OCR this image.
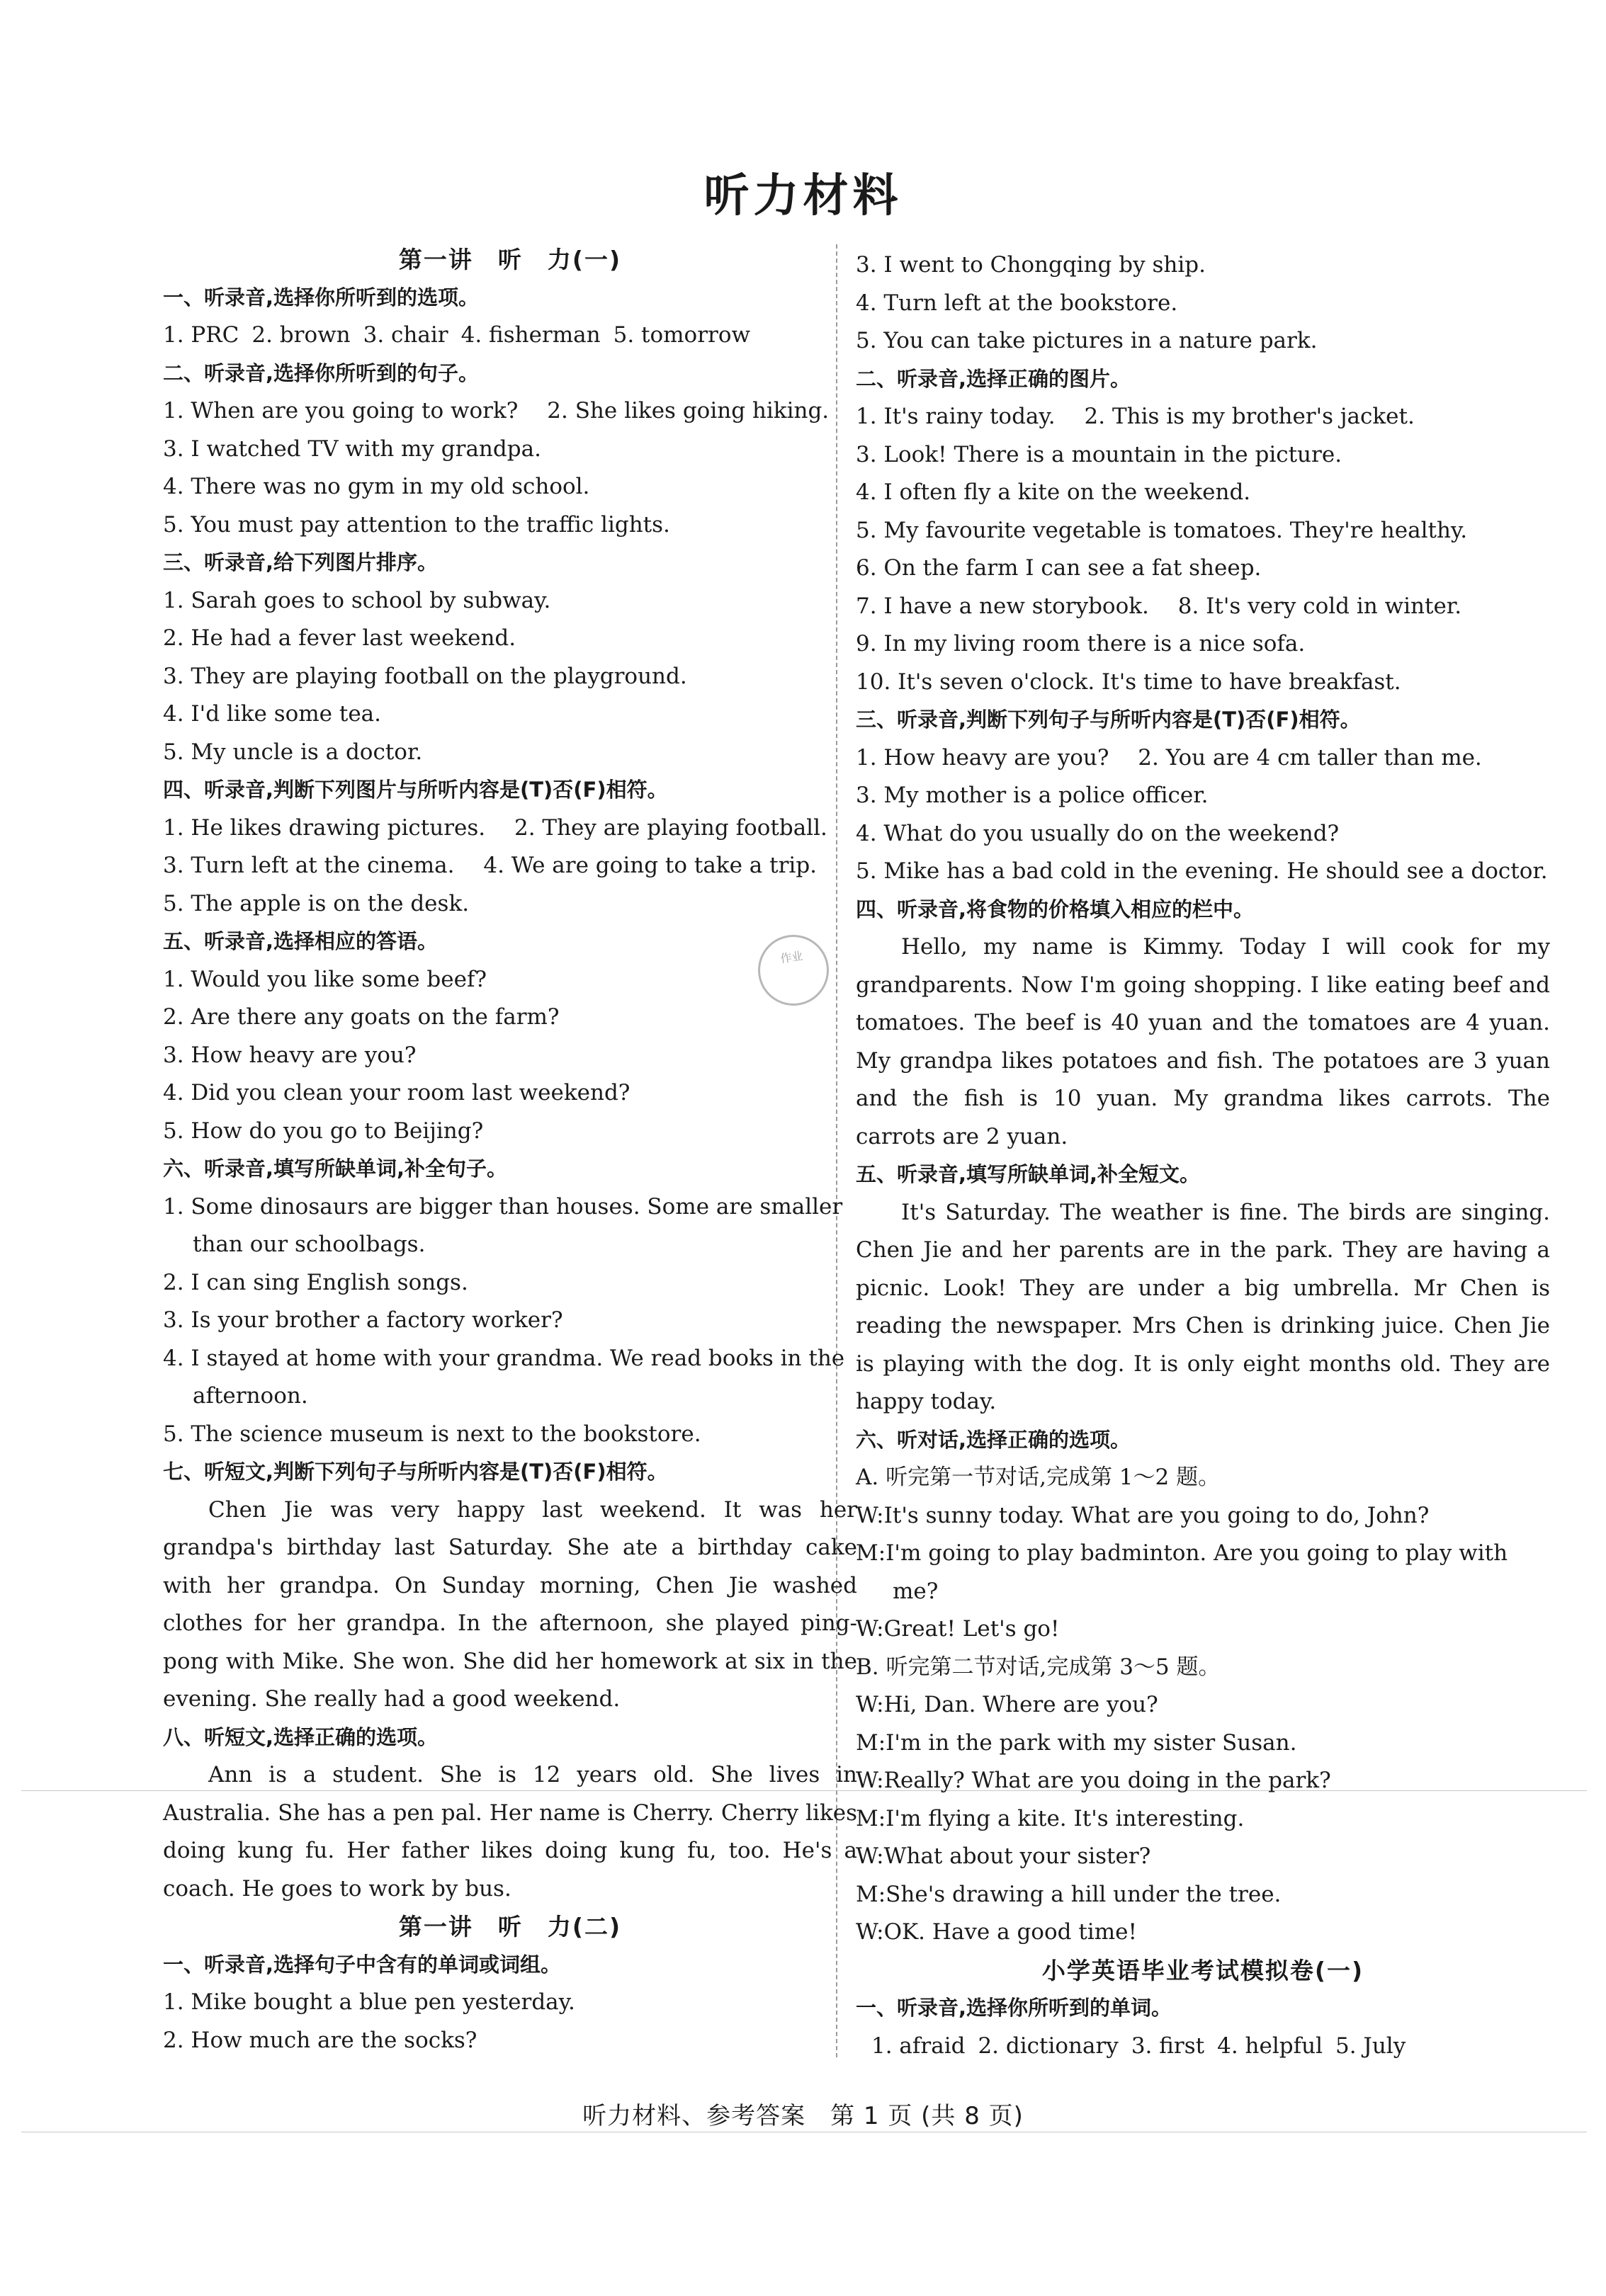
听力材料
作业
第一讲　听　力(一)
一、听录音,选择你所听到的选项。
1. PRC 2. brown 3. chair 4. fisherman 5. tomorrow
二、听录音,选择你所听到的句子。
1. When are you going to work?　 2. She likes going hiking.
3. I watched TV with my grandpa.
4. There was no gym in my old school.
5. You must pay attention to the traffic lights.
三、听录音,给下列图片排序。
1. Sarah goes to school by subway.
2. He had a fever last weekend.
3. They are playing football on the playground.
4. I'd like some tea.
5. My uncle is a doctor.
四、听录音,判断下列图片与所听内容是(T)否(F)相符。
1. He likes drawing pictures.　 2. They are playing football.
3. Turn left at the cinema.　 4. We are going to take a trip.
5. The apple is on the desk.
五、听录音,选择相应的答语。
1. Would you like some beef?
2. Are there any goats on the farm?
3. How heavy are you?
4. Did you clean your room last weekend?
5. How do you go to Beijing?
六、听录音,填写所缺单词,补全句子。
1. Some dinosaurs are bigger than houses. Some are smaller than our schoolbags.
2. I can sing English songs.
3. Is your brother a factory worker?
4. I stayed at home with your grandma. We read books in the afternoon.
5. The science museum is next to the bookstore.
七、听短文,判断下列句子与所听内容是(T)否(F)相符。
Chen Jie was very happy last weekend. It was her grandpa's birthday last Saturday. She ate a birthday cake with her grandpa. On Sunday morning, Chen Jie washed clothes for her grandpa. In the afternoon, she played ping-pong with Mike. She won. She did her homework at six in the evening. She really had a good weekend.
八、听短文,选择正确的选项。
Ann is a student. She is 12 years old. She lives in Australia. She has a pen pal. Her name is Cherry. Cherry likes doing kung fu. Her father likes doing kung fu, too. He's a coach. He goes to work by bus.
第一讲　听　力(二)
一、听录音,选择句子中含有的单词或词组。
1. Mike bought a blue pen yesterday.
2. How much are the socks?
3. I went to Chongqing by ship.
4. Turn left at the bookstore.
5. You can take pictures in a nature park.
二、听录音,选择正确的图片。
1. It's rainy today.　 2. This is my brother's jacket.
3. Look! There is a mountain in the picture.
4. I often fly a kite on the weekend.
5. My favourite vegetable is tomatoes. They're healthy.
6. On the farm I can see a fat sheep.
7. I have a new storybook.　 8. It's very cold in winter.
9. In my living room there is a nice sofa.
10. It's seven o'clock. It's time to have breakfast.
三、听录音,判断下列句子与所听内容是(T)否(F)相符。
1. How heavy are you?　 2. You are 4 cm taller than me.
3. My mother is a police officer.
4. What do you usually do on the weekend?
5. Mike has a bad cold in the evening. He should see a doctor.
四、听录音,将食物的价格填入相应的栏中。
Hello, my name is Kimmy. Today I will cook for my grandparents. Now I'm going shopping. I like eating beef and tomatoes. The beef is 40 yuan and the tomatoes are 4 yuan. My grandpa likes potatoes and fish. The potatoes are 3 yuan and the fish is 10 yuan. My grandma likes carrots. The carrots are 2 yuan.
五、听录音,填写所缺单词,补全短文。
It's Saturday. The weather is fine. The birds are singing. Chen Jie and her parents are in the park. They are having a picnic. Look! They are under a big umbrella. Mr Chen is reading the newspaper. Mrs Chen is drinking juice. Chen Jie is playing with the dog. It is only eight months old. They are happy today.
六、听对话,选择正确的选项。
A. 听完第一节对话,完成第 1～2 题。
W:It's sunny today. What are you going to do, John?
M:I'm going to play badminton. Are you going to play with me?
W:Great! Let's go!
B. 听完第二节对话,完成第 3～5 题。
W:Hi, Dan. Where are you?
M:I'm in the park with my sister Susan.
W:Really? What are you doing in the park?
M:I'm flying a kite. It's interesting.
W:What about your sister?
M:She's drawing a hill under the tree.
W:OK. Have a good time!
小学英语毕业考试模拟卷(一)
一、听录音,选择你所听到的单词。
1. afraid 2. dictionary 3. first 4. helpful 5. July
听力材料、参考答案　第 1 页 (共 8 页)
